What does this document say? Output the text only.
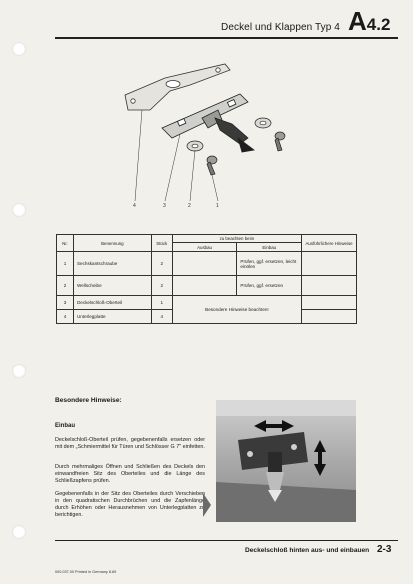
Deckel und Klappen Typ 4 A4.2
4	3	2	1
Nr.	Benennung	Stück	zu beachten beim		Ausführlichere Hinweise
			Ausbau	Einbau	
1	Sechskantschraube	2		Prüfen, ggf. ersetzen, leicht einölen	
2	Wellscheibe	2		Prüfen, ggf. ersetzen	
3	Deckelschloß-Oberteil	1	Besondere Hinweise beachten!		
4	Unterlegplatte	4			
Besondere Hinweise:
Einbau
Deckelschloß-Oberteil prüfen, gegebenenfalls ersetzen oder mit dem „Schmiermittel für Türen und Schlösser G 7" einfetten.
Durch mehrmaliges Öffnen und Schließen des Deckels den einwandfreien Sitz des Oberteiles und die Länge des Schließzapfens prüfen.
Gegebenenfalls in der Sitz des Oberteiles durch Verschieben in den quadratischen Durchbrüchen und die Zapfenlänge durch Erhöhen oder Herausnehmen von Unterlegplatten zu berichtigen.
Deckelschloß hinten aus- und einbauen 2-3
000.037.00 Printed in Germany 8.69
